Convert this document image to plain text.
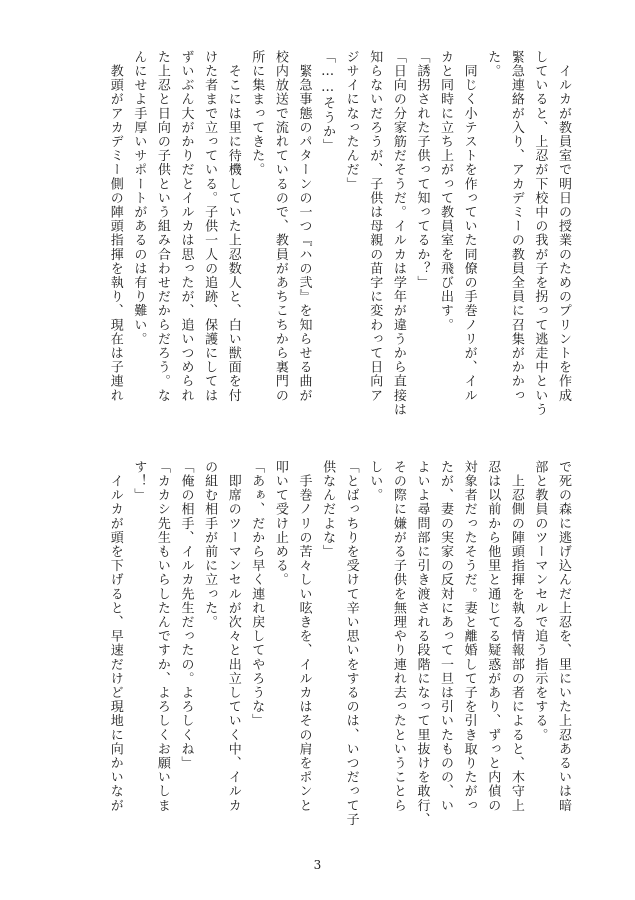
　イルカが教員室で明日の授業のためのプリントを作成
していると、上忍が下校中の我が子を拐って逃走中という
緊急連絡が入り、アカデミーの教員全員に召集がかかっ
た。
　同じく小テストを作っていた同僚の手巻ノリが、イル
カと同時に立ち上がって教員室を飛び出す。
「誘拐された子供って知ってるか？」
「日向の分家筋だそうだ。イルカは学年が違うから直接は
知らないだろうが、子供は母親の苗字に変わって日向ア
ジサイになったんだ」
「……そうか」
　緊急事態のパターンの一つ『ハの弐』を知らせる曲が
校内放送で流れているので、教員があちこちから裏門の
所に集まってきた。
　そこには里に待機していた上忍数人と、白い獣面を付
けた者まで立っている。子供一人の追跡、保護にしては
ずいぶん大がかりだとイルカは思ったが、追いつめられ
た上忍と日向の子供という組み合わせだからだろう。な
んにせよ手厚いサポートがあるのは有り難い。
　教頭がアカデミー側の陣頭指揮を執り、現在は子連れ
で死の森に逃げ込んだ上忍を、里にいた上忍あるいは暗
部と教員のツーマンセルで追う指示をする。
　上忍側の陣頭指揮を執る情報部の者によると、木守上
忍は以前から他里と通じてる疑惑があり、ずっと内偵の
対象者だったそうだ。妻と離婚して子を引き取りたがっ
たが、妻の実家の反対にあって一旦は引いたものの、い
よいよ尋問部に引き渡される段階になって里抜けを敢行、
その際に嫌がる子供を無理やり連れ去ったということら
しい。
「とばっちりを受けて辛い思いをするのは、いつだって子
供なんだよな」
　手巻ノリの苦々しい呟きを、イルカはその肩をポンと
叩いて受け止める。
「あぁ、だから早く連れ戻してやろうな」
　即席のツーマンセルが次々と出立していく中、イルカ
の組む相手が前に立った。
「俺の相手、イルカ先生だったの。よろしくね」
「カカシ先生もいらしたんですか、よろしくお願いしま
す！」
　イルカが頭を下げると、早速だけど現地に向かいなが
3
